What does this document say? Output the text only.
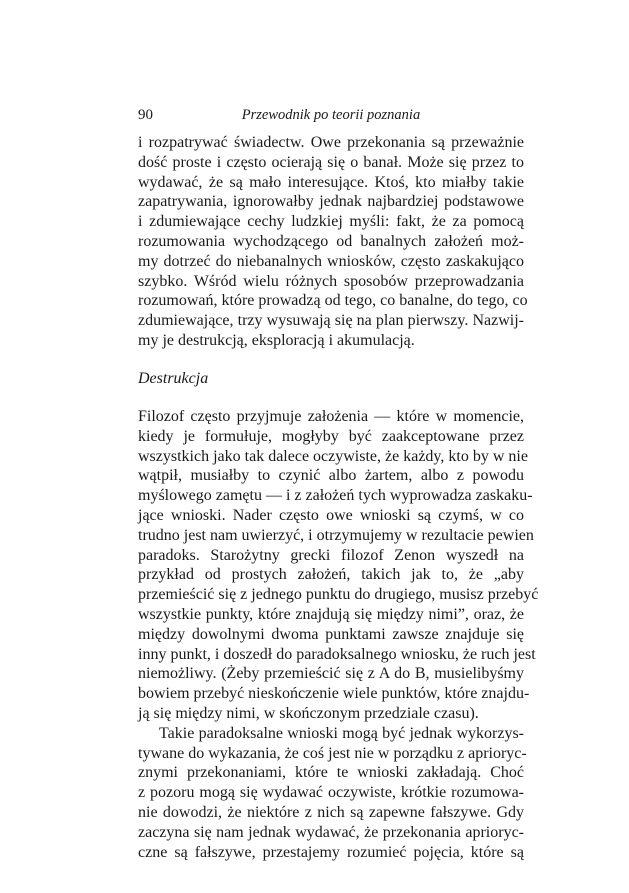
90	Przewodnik po teorii poznania
i rozpatrywać świadectw. Owe przekonania są przeważnie
dość proste i często ocierają się o banał. Może się przez to
wydawać, że są mało interesujące. Ktoś, kto miałby takie
zapatrywania, ignorowałby jednak najbardziej podstawowe
i zdumiewające cechy ludzkiej myśli: fakt, że za pomocą
rozumowania wychodzącego od banalnych założeń moż-
my dotrzeć do niebanalnych wniosków, często zaskakująco
szybko. Wśród wielu różnych sposobów przeprowadzania
rozumowań, które prowadzą od tego, co banalne, do tego, co
zdumiewające, trzy wysuwają się na plan pierwszy. Nazwij-
my je destrukcją, eksploracją i akumulacją.
Destrukcja
Filozof często przyjmuje założenia — które w momencie,
kiedy je formułuje, mogłyby być zaakceptowane przez
wszystkich jako tak dalece oczywiste, że każdy, kto by w nie
wątpił, musiałby to czynić albo żartem, albo z powodu
myślowego zamętu — i z założeń tych wyprowadza zaskaku-
jące wnioski. Nader często owe wnioski są czymś, w co
trudno jest nam uwierzyć, i otrzymujemy w rezultacie pewien
paradoks. Starożytny grecki filozof Zenon wyszedł na
przykład od prostych założeń, takich jak to, że „aby
przemieścić się z jednego punktu do drugiego, musisz przebyć
wszystkie punkty, które znajdują się między nimi”, oraz, że
między dowolnymi dwoma punktami zawsze znajduje się
inny punkt, i doszedł do paradoksalnego wniosku, że ruch jest
niemożliwy. (Żeby przemieścić się z A do B, musielibyśmy
bowiem przebyć nieskończenie wiele punktów, które znajdu-
ją się między nimi, w skończonym przedziale czasu).
Takie paradoksalne wnioski mogą być jednak wykorzys-
tywane do wykazania, że coś jest nie w porządku z aprioryc-
znymi przekonaniami, które te wnioski zakładają. Choć
z pozoru mogą się wydawać oczywiste, krótkie rozumowa-
nie dowodzi, że niektóre z nich są zapewne fałszywe. Gdy
zaczyna się nam jednak wydawać, że przekonania aprioryc-
czne są fałszywe, przestajemy rozumieć pojęcia, które są
